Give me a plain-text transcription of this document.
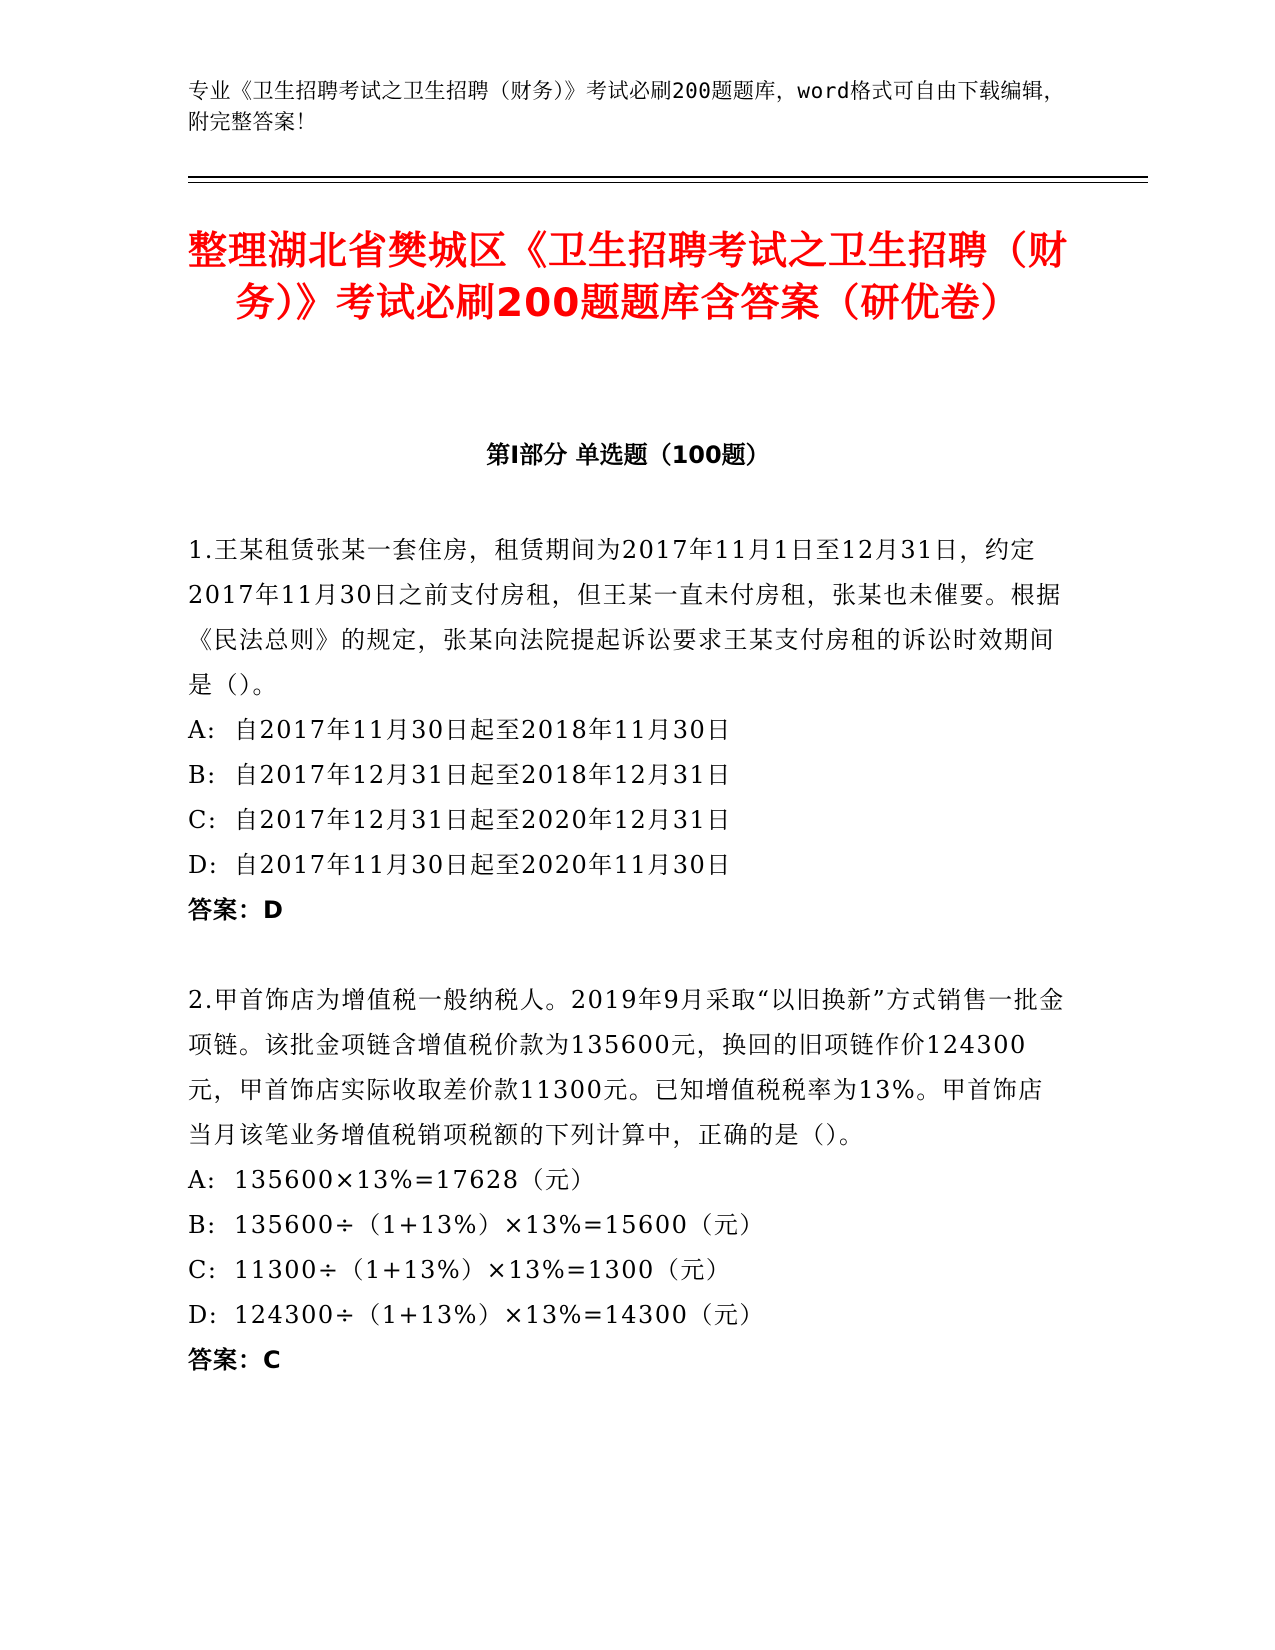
专业《卫生招聘考试之卫生招聘（财务）》考试必刷200题题库，word格式可自由下载编辑，附完整答案！
整理湖北省樊城区《卫生招聘考试之卫生招聘（财务）》考试必刷200题题库含答案（研优卷）
第Ⅰ部分 单选题（100题）

1.王某租赁张某一套住房，租赁期间为2017年11月1日至12月31日，约定2017年11月30日之前支付房租，但王某一直未付房租，张某也未催要。根据《民法总则》的规定，张某向法院提起诉讼要求王某支付房租的诉讼时效期间是（）。

A: 自2017年11月30日起至2018年11月30日
B: 自2017年12月31日起至2018年12月31日
C: 自2017年12月31日起至2020年12月31日
D: 自2017年11月30日起至2020年11月30日

答案：D

2.甲首饰店为增值税一般纳税人。2019年9月采取“以旧换新”方式销售一批金项链。该批金项链含增值税价款为135600元，换回的旧项链作价124300元，甲首饰店实际收取差价款11300元。已知增值税税率为13%。甲首饰店当月该笔业务增值税销项税额的下列计算中，正确的是（）。

A: 135600×13%=17628（元）
B: 135600÷（1+13%）×13%=15600（元）
C: 11300÷（1+13%）×13%=1300（元）
D: 124300÷（1+13%）×13%=14300（元）

答案：C
